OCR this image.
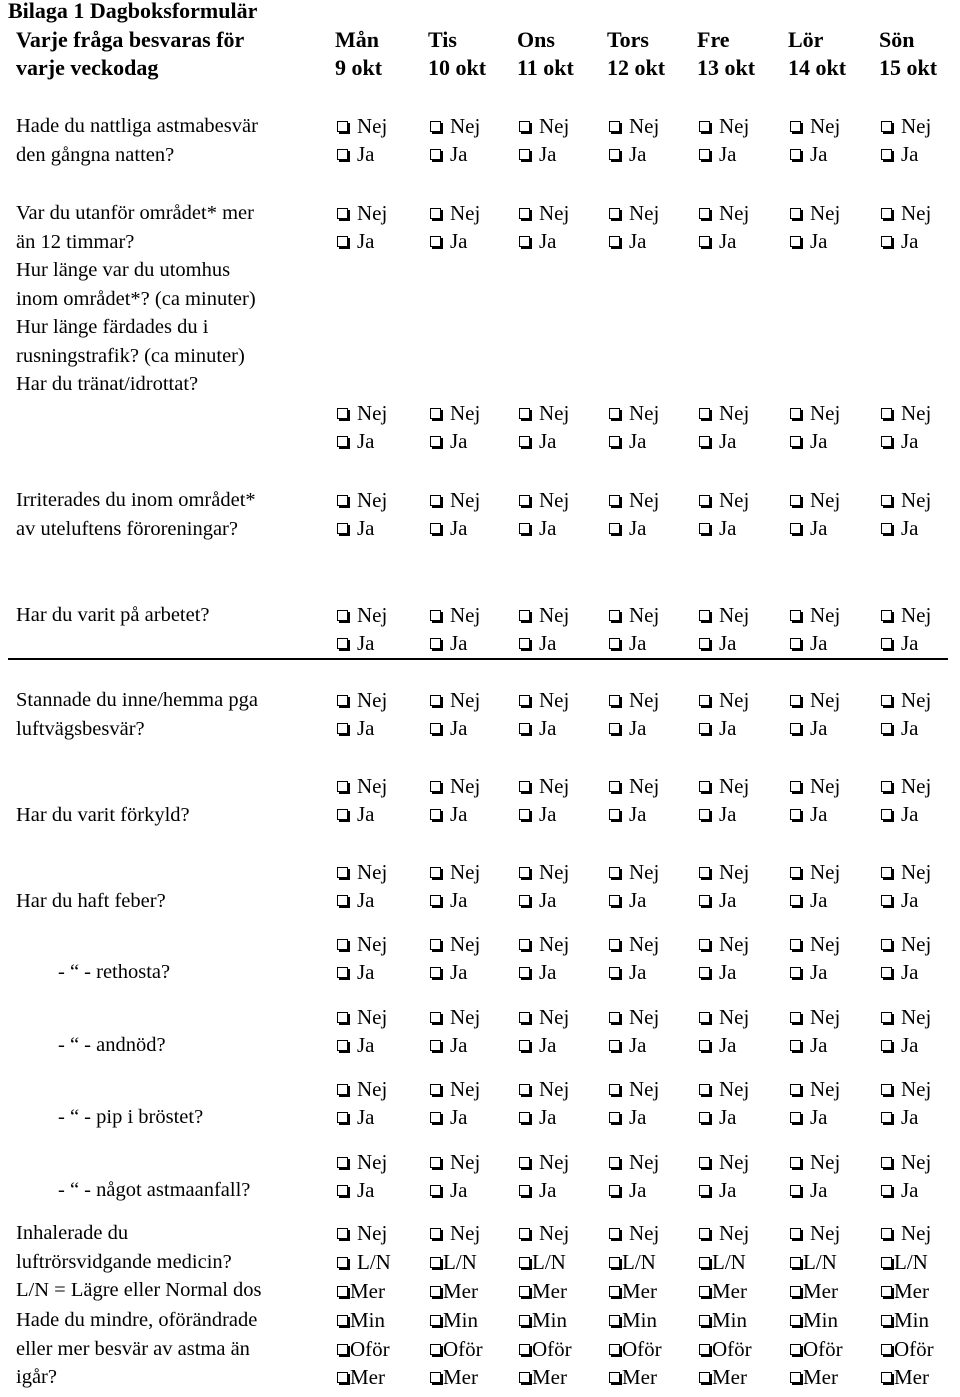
Bilaga 1 Dagboksformulär
Varje fråga besvaras för
varje veckodag
Mån
9 okt
Tis
10 okt
Ons
11 okt
Tors
12 okt
Fre
13 okt
Lör
14 okt
Sön
15 okt
Hade du nattliga astmabesvär
den gångna natten?
Var du utanför området* mer
än 12 timmar?
Hur länge var du utomhus
inom området*? (ca minuter)
Hur länge färdades du i
rusningstrafik? (ca minuter)
Har du tränat/idrottat?
Irriterades du inom området*
av uteluftens föroreningar?
Har du varit på arbetet?
Stannade du inne/hemma pga
luftvägsbesvär?
Har du varit förkyld?
Har du haft feber?
- “ - rethosta?
- “ - andnöd?
- “ - pip i bröstet?
- “ - något astmaanfall?
Inhalerade du
luftrörsvidgande medicin?
L/N = Lägre eller Normal dos
Hade du mindre, oförändrade
eller mer besvär av astma än
igår?
Nej
Ja
Nej
Ja
Nej
Ja
Nej
Ja
Nej
Ja
Nej
Ja
Nej
Ja
Nej
Ja
Nej
Ja
Nej
Ja
Nej
Ja
Nej
Ja
Nej
Ja
Nej
Ja
Nej
Ja
Nej
Ja
Nej
Ja
Nej
Ja
Nej
Ja
Nej
Ja
Nej
Ja
Nej
Ja
Nej
Ja
Nej
Ja
Nej
Ja
Nej
Ja
Nej
Ja
Nej
Ja
Nej
Ja
Nej
Ja
Nej
Ja
Nej
Ja
Nej
Ja
Nej
Ja
Nej
Ja
Nej
Ja
Nej
Ja
Nej
Ja
Nej
Ja
Nej
Ja
Nej
Ja
Nej
Ja
Nej
Ja
Nej
Ja
Nej
Ja
Nej
Ja
Nej
Ja
Nej
Ja
Nej
Ja
Nej
Ja
Nej
Ja
Nej
Ja
Nej
Ja
Nej
Ja
Nej
Ja
Nej
Ja
Nej
Ja
Nej
Ja
Nej
Ja
Nej
Ja
Nej
Ja
Nej
Ja
Nej
Ja
Nej
Ja
Nej
Ja
Nej
Ja
Nej
Ja
Nej
Ja
Nej
Ja
Nej
Ja
Nej
Ja
Nej
Ja
Nej
Ja
Nej
Ja
Nej
Ja
Nej
Ja
Nej
Ja
Nej
Ja
Nej
Ja
Nej
Ja
Nej
Ja
Nej
Ja
Nej
Ja
Nej
Ja
Nej
L/N
Mer
Nej
L/N
Mer
Nej
L/N
Mer
Nej
L/N
Mer
Nej
L/N
Mer
Nej
L/N
Mer
Nej
L/N
Mer
Min
Oför
Mer
Min
Oför
Mer
Min
Oför
Mer
Min
Oför
Mer
Min
Oför
Mer
Min
Oför
Mer
Min
Oför
Mer
